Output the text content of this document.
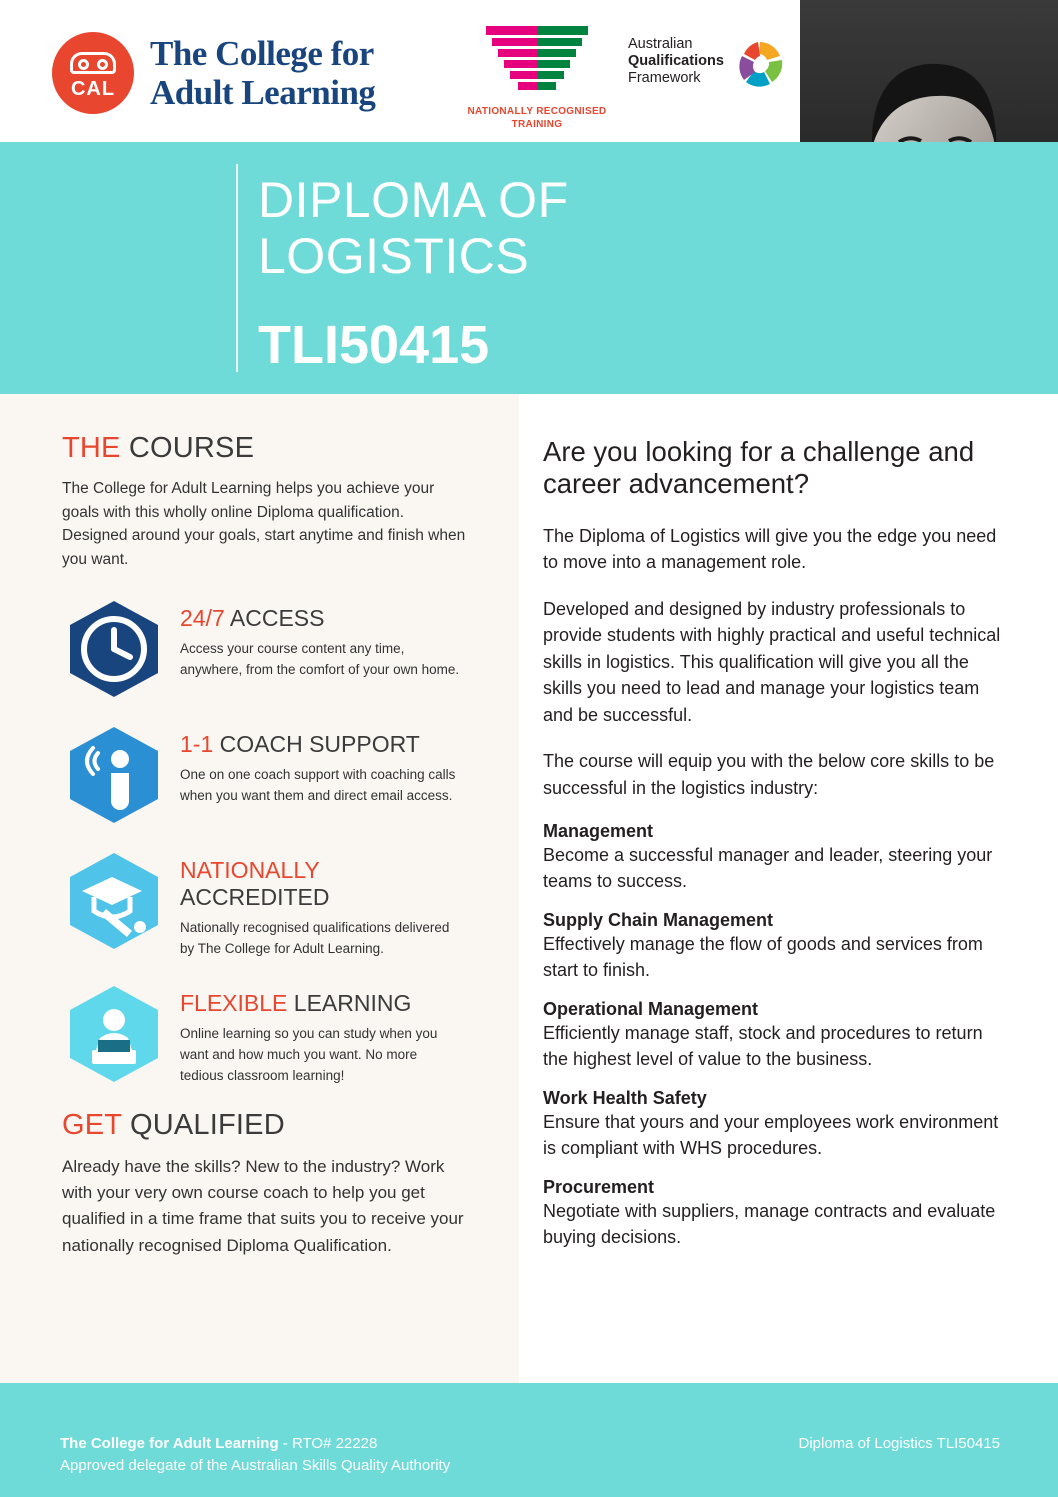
CAL
The College for
Adult Learning	NATIONALLY RECOGNISED
TRAINING
Australian
Qualifications
Framework
DIPLOMA OF
LOGISTICS
TLI50415
THE COURSE

The College for Adult Learning helps you achieve your goals with this wholly online Diploma qualification. Designed around your goals, start anytime and finish when you want.

24/7 ACCESS
Access your course content any time, anywhere, from the comfort of your own home.
1-1 COACH SUPPORT
One on one coach support with coaching calls when you want them and direct email access.
NATIONALLY ACCREDITED
Nationally recognised qualifications delivered by The College for Adult Learning.
FLEXIBLE LEARNING
Online learning so you can study when you want and how much you want. No more tedious classroom learning!
GET QUALIFIED

Already have the skills? New to the industry? Work with your very own course coach to help you get qualified in a time frame that suits you to receive your nationally recognised Diploma Qualification.

Are you looking for a challenge and career advancement?

The Diploma of Logistics will give you the edge you need to move into a management role.

Developed and designed by industry professionals to provide students with highly practical and useful technical skills in logistics. This qualification will give you all the skills you need to lead and manage your logistics team and be successful.

The course will equip you with the below core skills to be successful in the logistics industry:

Management
Become a successful manager and leader, steering your teams to success.
Supply Chain Management
Effectively manage the flow of goods and services from start to finish.
Operational Management
Efficiently manage staff, stock and procedures to return the highest level of value to the business.
Work Health Safety
Ensure that yours and your employees work environment is compliant with WHS procedures.
Procurement
Negotiate with suppliers, manage contracts and evaluate buying decisions.
The College for Adult Learning - RTO# 22228
Approved delegate of the Australian Skills Quality Authority
Diploma of Logistics TLI50415
